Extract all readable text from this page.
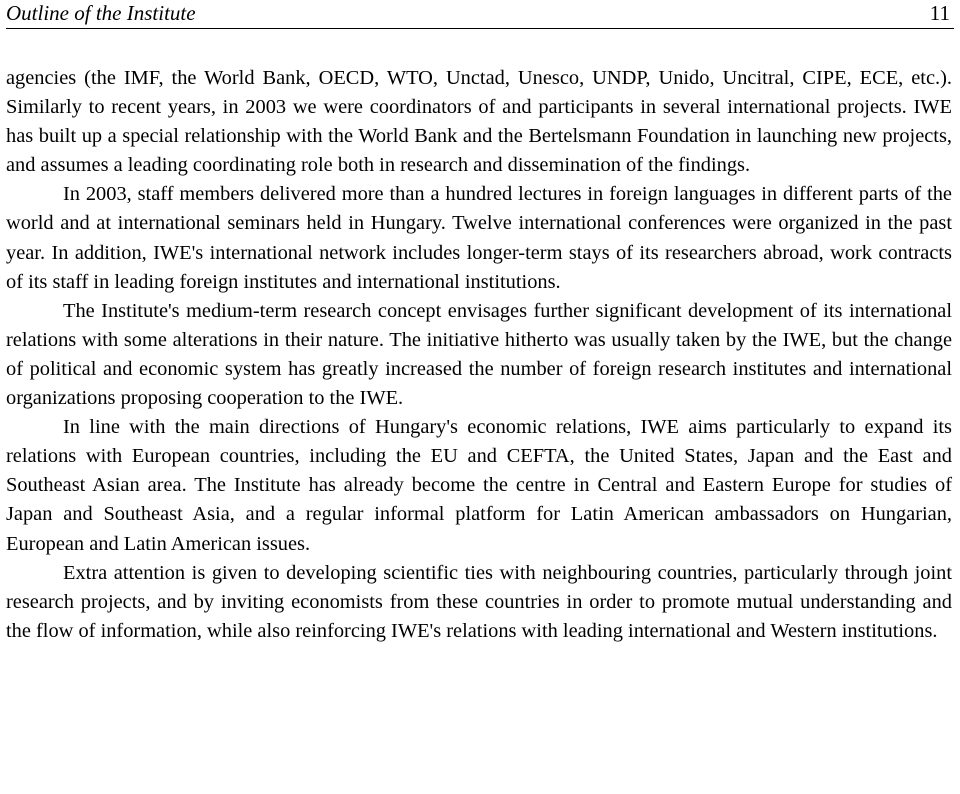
Outline of the Institute	11

agencies (the IMF, the World Bank, OECD, WTO, Unctad, Unesco, UNDP, Unido, Uncitral, CIPE, ECE, etc.). Similarly to recent years, in 2003 we were coordinators of and participants in several international projects. IWE has built up a special relationship with the World Bank and the Bertelsmann Foundation in launching new projects, and assumes a leading coordinating role both in research and dissemination of the findings.

In 2003, staff members delivered more than a hundred lectures in foreign languages in different parts of the world and at international seminars held in Hungary. Twelve international conferences were organized in the past year. In addition, IWE's international network includes longer-term stays of its researchers abroad, work contracts of its staff in leading foreign institutes and international institutions.

The Institute's medium-term research concept envisages further significant development of its international relations with some alterations in their nature. The initiative hitherto was usually taken by the IWE, but the change of political and economic system has greatly increased the number of foreign research institutes and international organizations proposing cooperation to the IWE.

In line with the main directions of Hungary's economic relations, IWE aims particularly to expand its relations with European countries, including the EU and CEFTA, the United States, Japan and the East and Southeast Asian area. The Institute has already become the centre in Central and Eastern Europe for studies of Japan and Southeast Asia, and a regular informal platform for Latin American ambassadors on Hungarian, European and Latin American issues.

Extra attention is given to developing scientific ties with neighbouring countries, particularly through joint research projects, and by inviting economists from these countries in order to promote mutual understanding and the flow of information, while also reinforcing IWE's relations with leading international and Western institutions.
